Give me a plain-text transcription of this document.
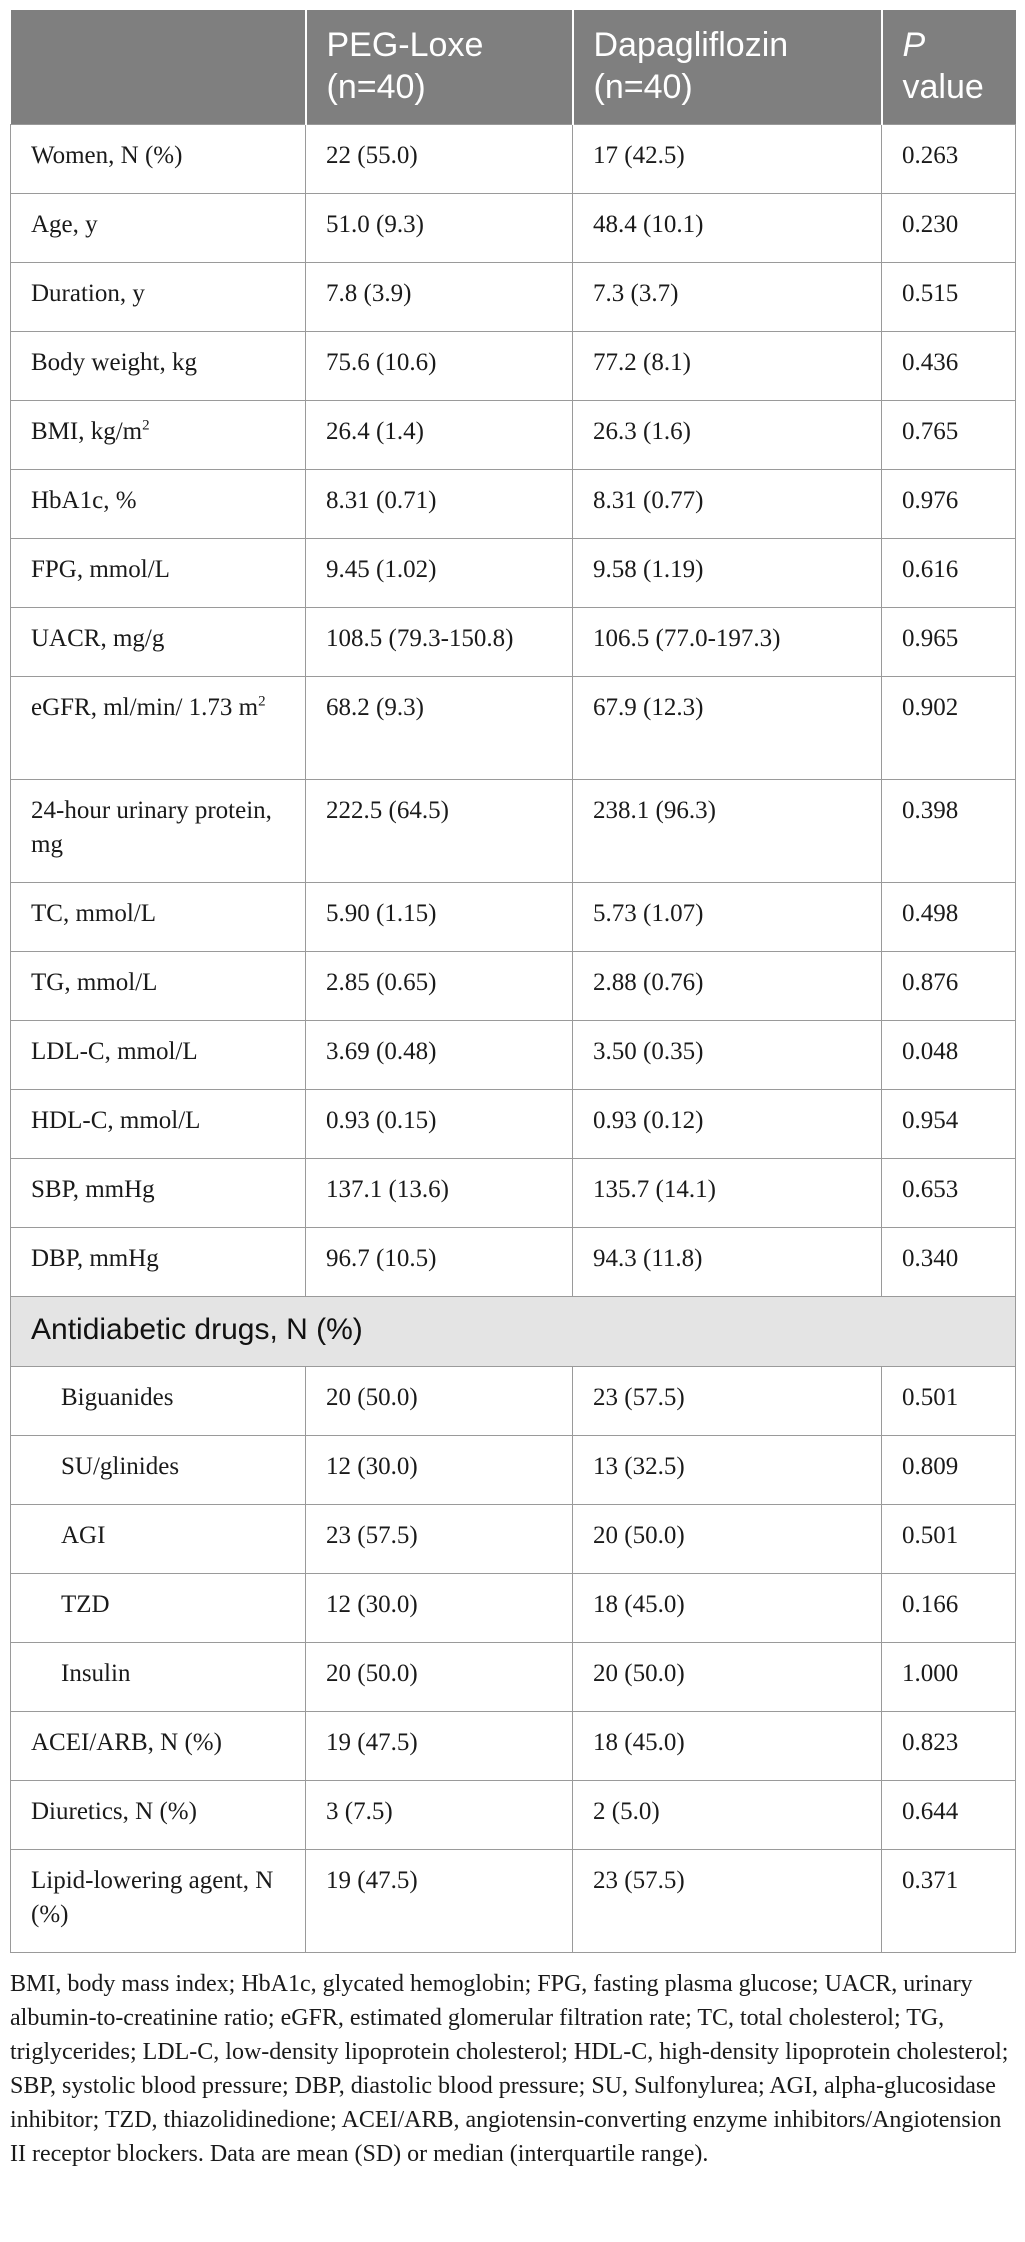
	PEG-Loxe (n=40)	Dapagliflozin (n=40)	P value
Women, N (%)	22 (55.0)	17 (42.5)	0.263
Age, y	51.0 (9.3)	48.4 (10.1)	0.230
Duration, y	7.8 (3.9)	7.3 (3.7)	0.515
Body weight, kg	75.6 (10.6)	77.2 (8.1)	0.436
BMI, $kg/m^2$	26.4 (1.4)	26.3 (1.6)	0.765
HbA1c, %	8.31 (0.71)	8.31 (0.77)	0.976
FPG, mmol/L	9.45 (1.02)	9.58 (1.19)	0.616
UACR, mg/g	108.5 (79.3-150.8)	106.5 (77.0-197.3)	0.965
eGFR, ml/min/ 1.73 $m^2$	68.2 (9.3)	67.9 (12.3)	0.902
24-hour urinary protein, mg	222.5 (64.5)	238.1 (96.3)	0.398
TC, mmol/L	5.90 (1.15)	5.73 (1.07)	0.498
TG, mmol/L	2.85 (0.65)	2.88 (0.76)	0.876
LDL-C, mmol/L	3.69 (0.48)	3.50 (0.35)	0.048
HDL-C, mmol/L	0.93 (0.15)	0.93 (0.12)	0.954
SBP, mmHg	137.1 (13.6)	135.7 (14.1)	0.653
DBP, mmHg	96.7 (10.5)	94.3 (11.8)	0.340
Antidiabetic drugs, N (%)			
Biguanides	20 (50.0)	23 (57.5)	0.501
SU/glinides	12 (30.0)	13 (32.5)	0.809
AGI	23 (57.5)	20 (50.0)	0.501
TZD	12 (30.0)	18 (45.0)	0.166
Insulin	20 (50.0)	20 (50.0)	1.000
ACEI/ARB, N (%)	19 (47.5)	18 (45.0)	0.823
Diuretics, N (%)	3 (7.5)	2 (5.0)	0.644
Lipid-lowering agent, N (%)	19 (47.5)	23 (57.5)	0.371
BMI, body mass index; HbA1c, glycated hemoglobin; FPG, fasting plasma glucose; UACR, urinary albumin-to-creatinine ratio; eGFR, estimated glomerular filtration rate; TC, total cholesterol; TG, triglycerides; LDL-C, low-density lipoprotein cholesterol; HDL-C, high-density lipoprotein cholesterol; SBP, systolic blood pressure; DBP, diastolic blood pressure; SU, Sulfonylurea; AGI, alpha-glucosidase inhibitor; TZD, thiazolidinedione; ACEI/ARB, angiotensin-converting enzyme inhibitors/Angiotension II receptor blockers. Data are mean (SD) or median (interquartile range).
